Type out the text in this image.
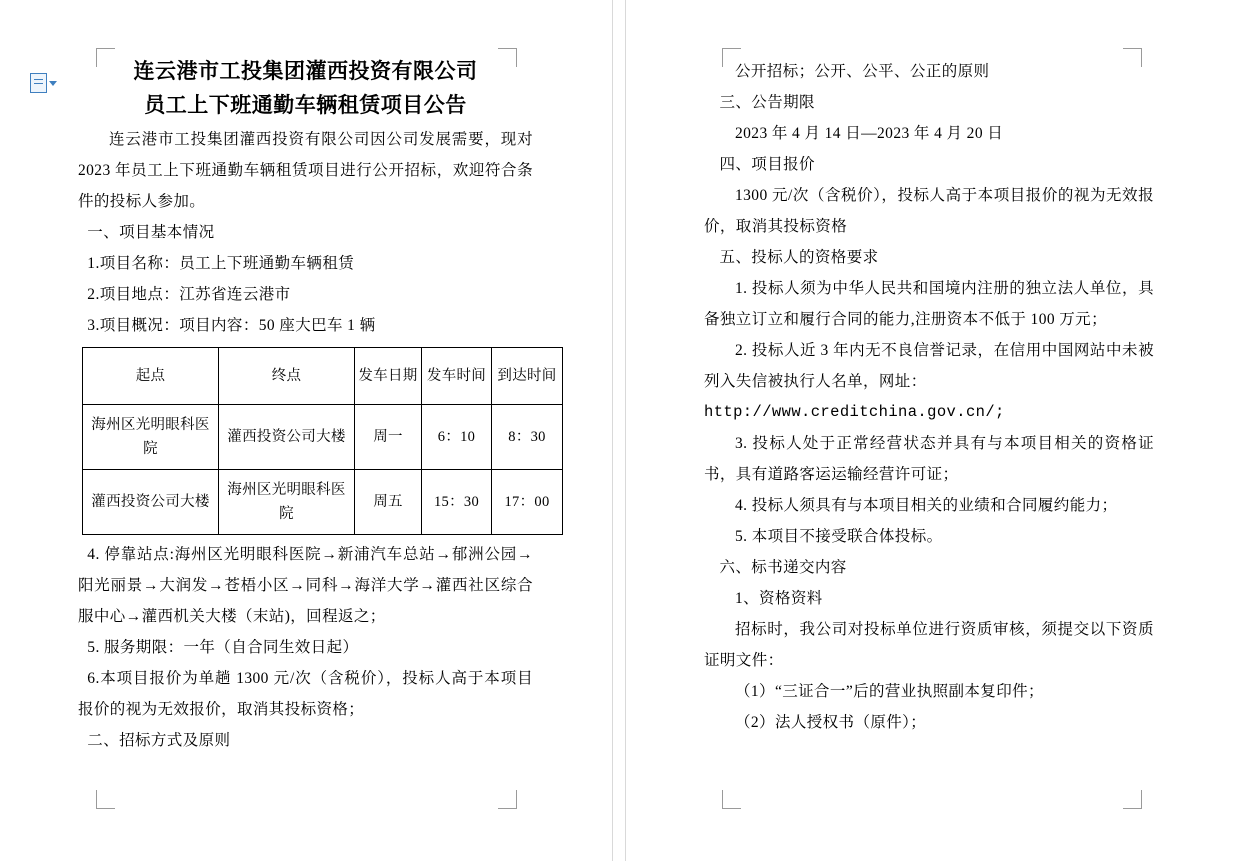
连云港市工投集团灌西投资有限公司
员工上下班通勤车辆租赁项目公告

连云港市工投集团灌西投资有限公司因公司发展需要，现对 2023 年员工上下班通勤车辆租赁项目进行公开招标，欢迎符合条件的投标人参加。

一、项目基本情况

1.项目名称：员工上下班通勤车辆租赁

2.项目地点：江苏省连云港市

3.项目概况：项目内容：50 座大巴车 1 辆

起点	终点	发车日期	发车时间	到达时间
海州区光明眼科医院	灌西投资公司大楼	周一	6：10	8：30
灌西投资公司大楼	海州区光明眼科医院	周五	15：30	17：00

4. 停靠站点:海州区光明眼科医院→新浦汽车总站→郁洲公园→阳光丽景→大润发→苍梧小区→同科→海洋大学→灌西社区综合服中心→灌西机关大楼（末站)，回程返之；

5. 服务期限：一年（自合同生效日起）

6.本项目报价为单趟 1300 元/次（含税价），投标人高于本项目报价的视为无效报价，取消其投标资格；

二、招标方式及原则

公开招标；公开、公平、公正的原则

三、公告期限

2023 年 4 月 14 日—2023 年 4 月 20 日

四、项目报价

1300 元/次（含税价），投标人高于本项目报价的视为无效报价，取消其投标资格

五、投标人的资格要求

1. 投标人须为中华人民共和国境内注册的独立法人单位，具备独立订立和履行合同的能力,注册资本不低于 100 万元；

2. 投标人近 3 年内无不良信誉记录，在信用中国网站中未被列入失信被执行人名单，网址：

http://www.creditchina.gov.cn/;

3. 投标人处于正常经营状态并具有与本项目相关的资格证书，具有道路客运运输经营许可证；

4. 投标人须具有与本项目相关的业绩和合同履约能力；

5. 本项目不接受联合体投标。

六、标书递交内容

1、资格资料

招标时，我公司对投标单位进行资质审核，须提交以下资质证明文件：

（1）“三证合一”后的营业执照副本复印件；

（2）法人授权书（原件）；
